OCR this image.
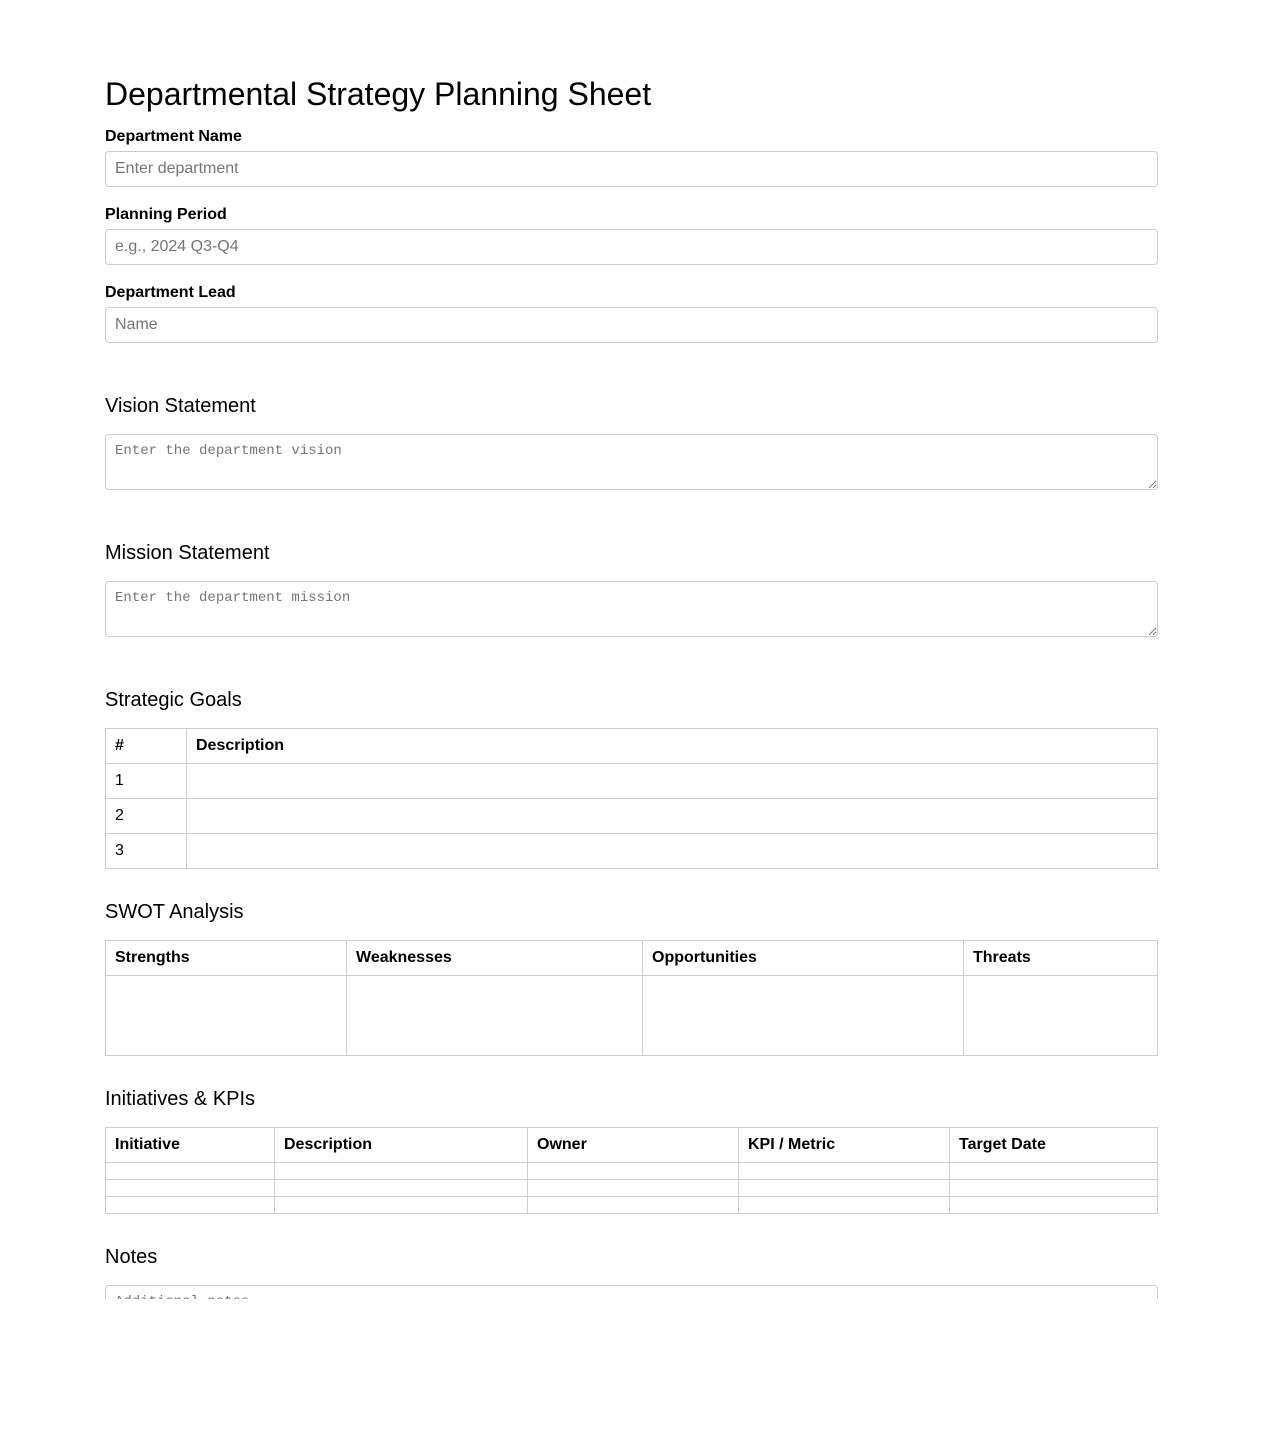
Departmental Strategy Planning Sheet
Department Name
Enter department
Planning Period
e.g., 2024 Q3-Q4
Department Lead
Name
Vision Statement
Enter the department vision
Mission Statement
Enter the department mission
Strategic Goals
#	Description
1	
2	
3	
SWOT Analysis
Strengths	Weaknesses	Opportunities	Threats

Initiatives & KPIs
Initiative	Description	Owner	KPI / Metric	Target Date

Notes
Additional notes
